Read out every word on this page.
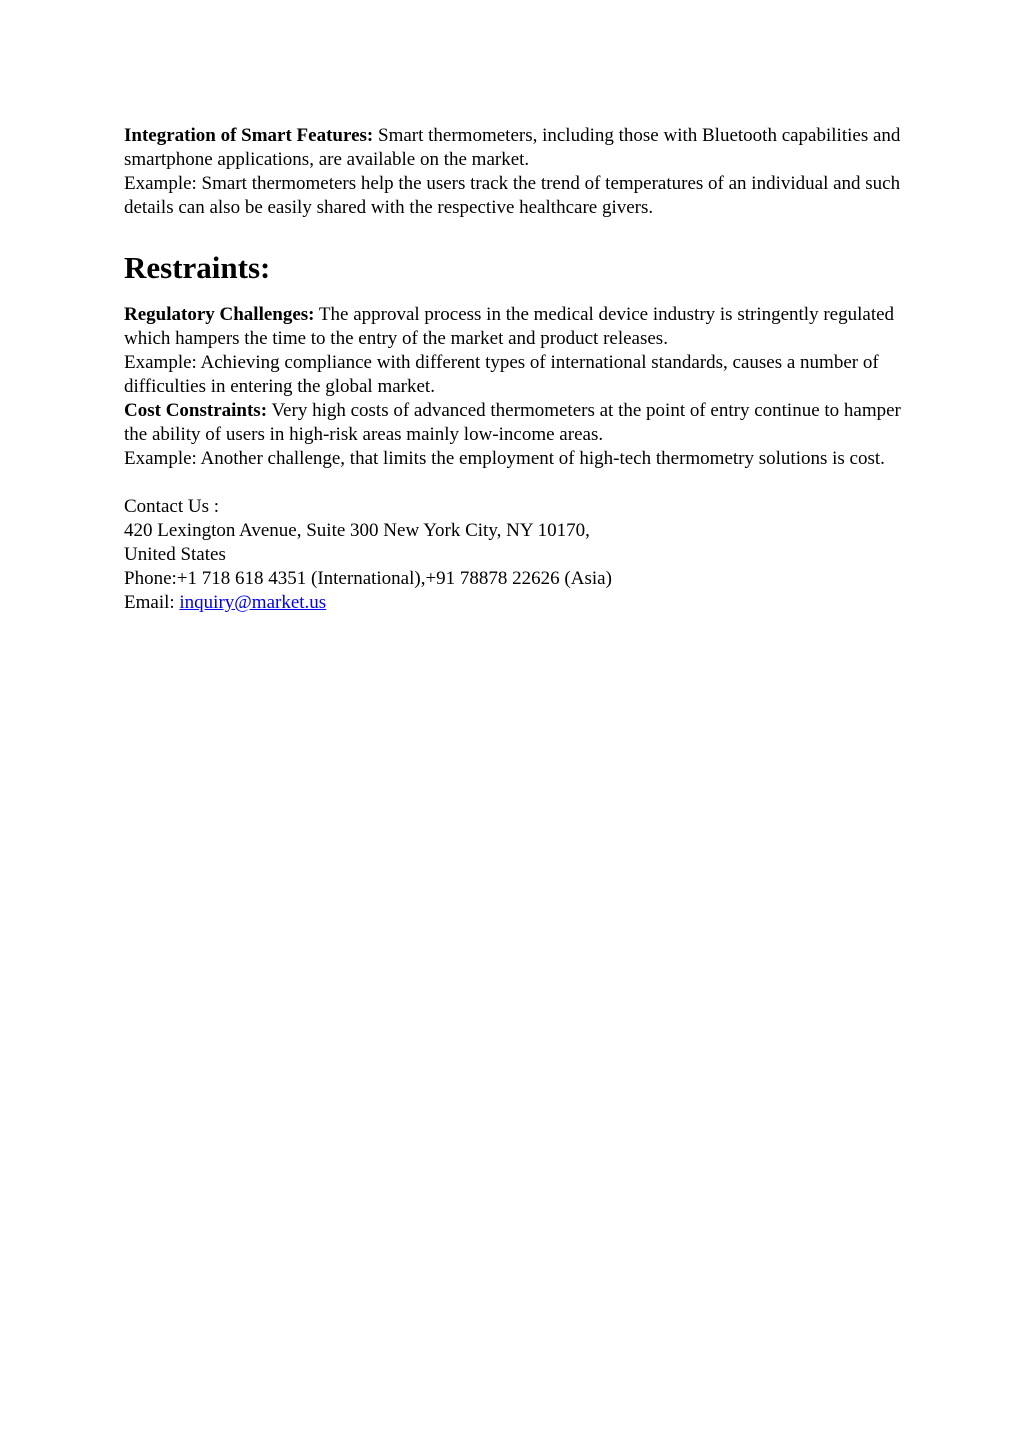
Integration of Smart Features: Smart thermometers, including those with Bluetooth capabilities and smartphone applications, are available on the market.

Example: Smart thermometers help the users track the trend of temperatures of an individual and such details can also be easily shared with the respective healthcare givers.

Restraints:

Regulatory Challenges: The approval process in the medical device industry is stringently regulated which hampers the time to the entry of the market and product releases.

Example: Achieving compliance with different types of international standards, causes a number of difficulties in entering the global market.

Cost Constraints: Very high costs of advanced thermometers at the point of entry continue to hamper the ability of users in high-risk areas mainly low-income areas.

Example: Another challenge, that limits the employment of high-tech thermometry solutions is cost.

Contact Us :

420 Lexington Avenue, Suite 300 New York City, NY 10170,

United States

Phone:+1 718 618 4351 (International),+91 78878 22626 (Asia)

Email: inquiry@market.us
